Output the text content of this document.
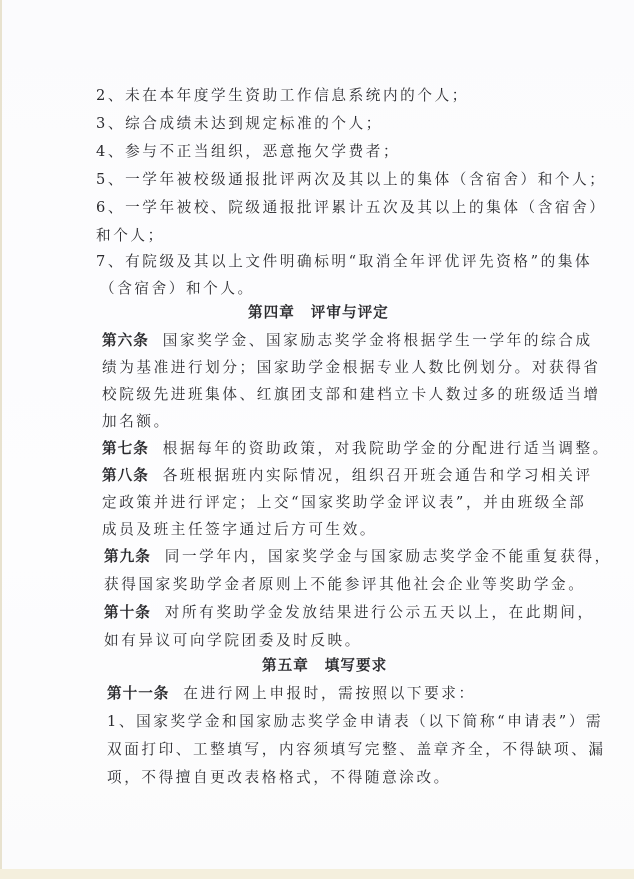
2、未在本年度学生资助工作信息系统内的个人；
3、综合成绩未达到规定标准的个人；
4、参与不正当组织，恶意拖欠学费者；
5、一学年被校级通报批评两次及其以上的集体（含宿舍）和个人；
6、一学年被校、院级通报批评累计五次及其以上的集体（含宿舍）
和个人；
7、有院级及其以上文件明确标明“取消全年评优评先资格”的集体
（含宿舍）和个人。
第四章 评审与评定
第六条 国家奖学金、国家励志奖学金将根据学生一学年的综合成
绩为基准进行划分；国家助学金根据专业人数比例划分。对获得省
校院级先进班集体、红旗团支部和建档立卡人数过多的班级适当增
加名额。
第七条 根据每年的资助政策，对我院助学金的分配进行适当调整。
第八条 各班根据班内实际情况，组织召开班会通告和学习相关评
定政策并进行评定；上交“国家奖助学金评议表”，并由班级全部
成员及班主任签字通过后方可生效。
第九条 同一学年内，国家奖学金与国家励志奖学金不能重复获得，
获得国家奖助学金者原则上不能参评其他社会企业等奖助学金。
第十条 对所有奖助学金发放结果进行公示五天以上，在此期间，
如有异议可向学院团委及时反映。
第五章 填写要求
第十一条 在进行网上申报时，需按照以下要求：
1、国家奖学金和国家励志奖学金申请表（以下简称“申请表”）需
双面打印、工整填写，内容须填写完整、盖章齐全，不得缺项、漏
项，不得擅自更改表格格式，不得随意涂改。
